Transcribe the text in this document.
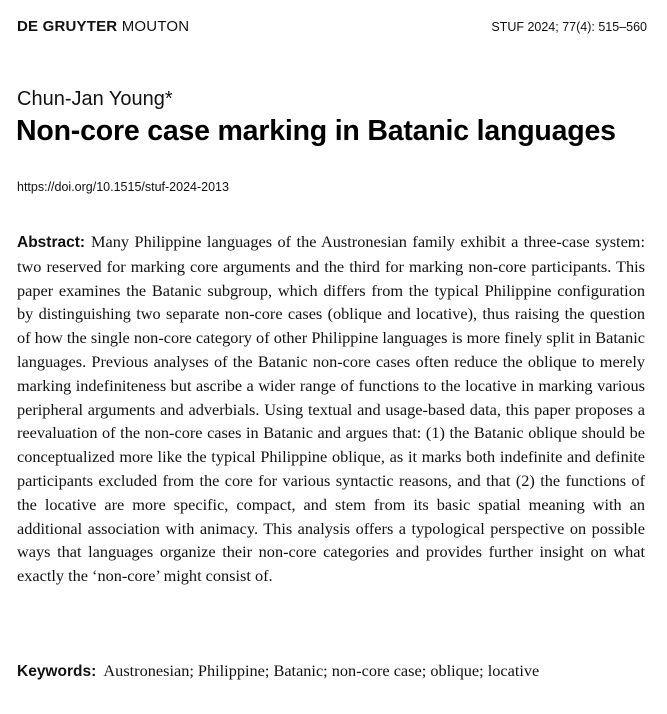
DE GRUYTER MOUTON	STUF 2024; 77(4): 515–560
Chun-Jan Young*
Non-core case marking in Batanic languages
https://doi.org/10.1515/stuf-2024-2013

Abstract: Many Philippine languages of the Austronesian family exhibit a three-case system: two reserved for marking core arguments and the third for marking non-core participants. This paper examines the Batanic subgroup, which differs from the typical Philippine configuration by distinguishing two separate non-core cases (oblique and locative), thus raising the question of how the single non-core category of other Philippine languages is more finely split in Batanic languages. Previous analyses of the Batanic non-core cases often reduce the oblique to merely marking indefiniteness but ascribe a wider range of functions to the locative in marking various peripheral arguments and adverbials. Using textual and usage-based data, this paper proposes a reevaluation of the non-core cases in Batanic and argues that: (1) the Batanic oblique should be conceptualized more like the typical Philippine oblique, as it marks both indefinite and definite participants excluded from the core for various syntactic reasons, and that (2) the functions of the locative are more specific, compact, and stem from its basic spatial meaning with an additional association with animacy. This analysis offers a typological perspective on possible ways that languages organize their non-core categories and provides further insight on what exactly the ‘non-core’ might consist of.

Keywords: Austronesian; Philippine; Batanic; non-core case; oblique; locative
